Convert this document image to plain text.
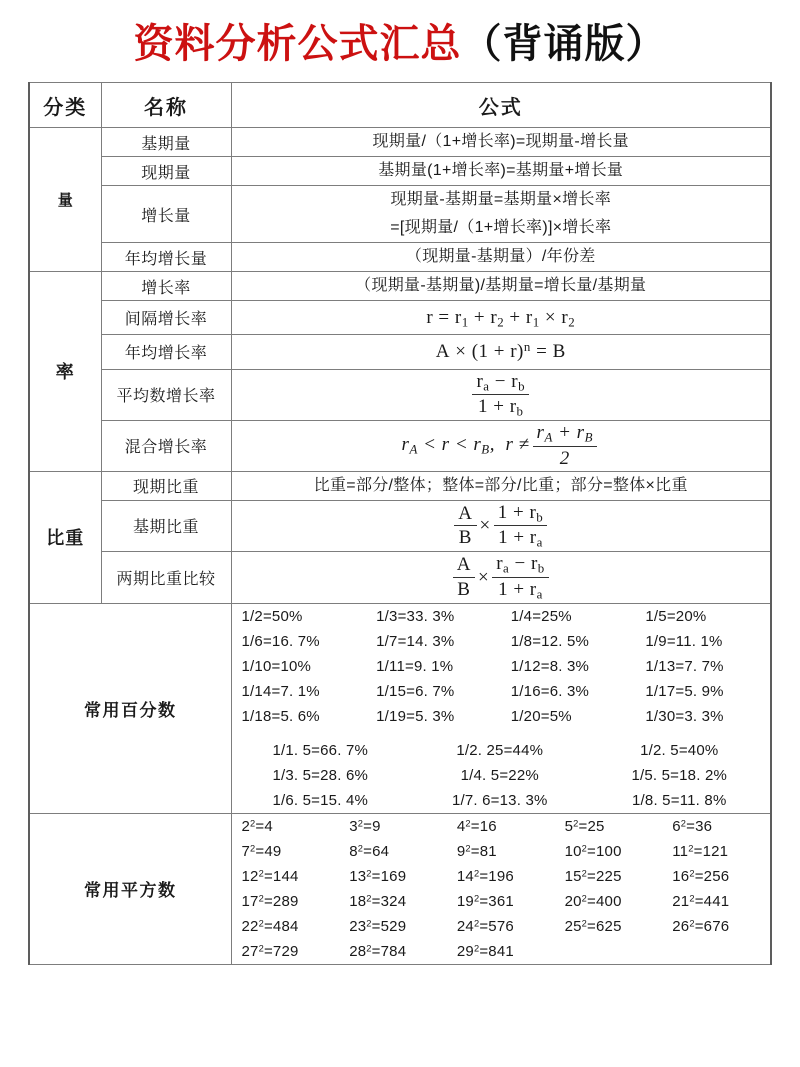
资料分析公式汇总（背诵版）
分类	名称	公式
量	基期量	现期量/（1+增长率)=现期量-增长量
现期量	基期量(1+增长率)=基期量+增长量
增长量	
现期量-基期量=基期量×增长率
=[现期量/（1+增长率)]×增长率

年均增长量	（现期量-基期量）/年份差
率	增长率	（现期量-基期量)/基期量=增长量/基期量
间隔增长率	$r = r_1 + r_2 + r_1 \times r_2$
年均增长率	$A \times (1 + r)^n = B$
平均数增长率	$\frac{r_a - r_b}{1 + r_b}$

混合增长率	$r_A < r < r_B$, $r \ne \frac{r_A + r_B}{2}$

比重	现期比重	比重=部分/整体；整体=部分/比重；部分=整体×比重
基期比重	$\frac{A}{B} \times \frac{1 + r_b}{1 + r_a}$

两期比重比较	$\frac{A}{B} \times \frac{r_a - r_b}{1 + r_a}$

常用百分数	
1/2=50%	1/3=33. 3%	1/4=25%	1/5=20%
1/6=16. 7%	1/7=14. 3%	1/8=12. 5%	1/9=11. 1%
1/10=10%	1/11=9. 1%	1/12=8. 3%	1/13=7. 7%
1/14=7. 1%	1/15=6. 7%	1/16=6. 3%	1/17=5. 9%
1/18=5. 6%	1/19=5. 3%	1/20=5%	1/30=3. 3%

1/1. 5=66. 7%	1/2. 25=44%	1/2. 5=40%
1/3. 5=28. 6%	1/4. 5=22%	1/5. 5=18. 2%
1/6. 5=15. 4%	1/7. 6=13. 3%	1/8. 5=11. 8%

常用平方数	
$2^2=4$	$3^2=9$	$4^2=16$	$5^2=25$	$6^2=36$
$7^2=49$	$8^2=64$	$9^2=81$	$10^2=100$	$11^2=121$
$12^2=144$	$13^2=169$	$14^2=196$	$15^2=225$	$16^2=256$
$17^2=289$	$18^2=324$	$19^2=361$	$20^2=400$	$21^2=441$
$22^2=484$	$23^2=529$	$24^2=576$	$25^2=625$	$26^2=676$
$27^2=729$	$28^2=784$	$29^2=841$		
